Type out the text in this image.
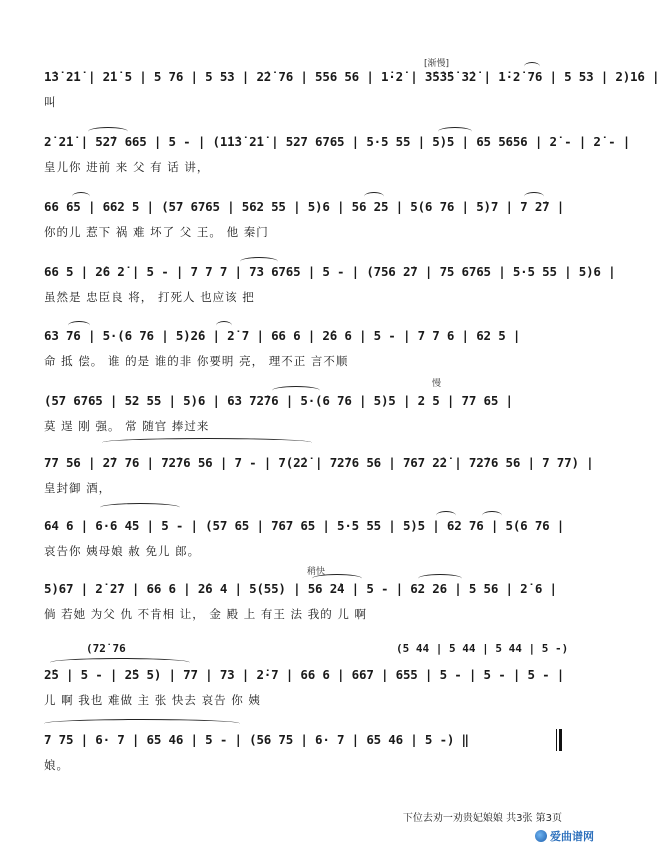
[渐慢]
稍快
慢
1̇3̇ 2̇1̇ | 2̇1̇ 5 | 5 76 | 5 53 | 2̇2̇ 76 | 556 56 | 1̇·2̇ | 3̇5̇3̇5̇ 3̇2̇ | 1̇·2̇ 76 | 5 53 | 2)1̇6 |
叫
2̇ 2̇1̇ | 52̇7 665 | 5 - | (1̇1̇3̇ 2̇1̇ | 527 6765 | 5·5 55 | 5)5 | 65 5656 | 2̇ - | 2̇ - |
皇儿你 进前 来 父 有 话 讲，
66 65 | 662 5 | (57 6765 | 562 55 | 5)6 | 56 25 | 5(6 76 | 5)7 | 7 2̇7 |
你的儿 惹下 祸 难 坏了 父 王。 他 秦门
66 5 | 2̇6 2̇ | 5 - | 7 7 7 | 73 6765 | 5 - | (756 2̇7 | 75 6765 | 5·5 55 | 5)6 |
虽然是 忠臣良 将， 打死人 也应该 把
63 76 | 5·(6 76 | 5)2̇6 | 2̇ 7 | 66 6 | 2̇6 6 | 5 - | 7 7 6 | 62 5 |
命 抵 偿。 谁 的是 谁的非 你要明 亮， 理不正 言不顺
(57 6765 | 52 55 | 5)6 | 63 72̇76 | 5·(6 76 | 5)5 | 2 5 | 77 65 |
莫 逞 刚 强。 常 随官 捧过来
77 56 | 2̇7 76 | 72̇76 56 | 7 - | 7(2̇2̇ | 72̇76 56 | 767 2̇2̇ | 72̇76 56 | 7 77) |
皇封御 酒，
64 6 | 6·6 45 | 5 - | (57 65 | 767 65 | 5·5 55 | 5)5 | 62 76 | 5(6 76 |
哀告你 姨母娘 赦 免儿 郎。
5)67 | 2̇ 2̇7 | 66 6 | 2̇6 4 | 5(55) | 56 2̇4 | 5 - | 62 26 | 5 56 | 2̇ 6 |
倘 若她 为父 仇 不肯相 让， 金 殿 上 有王 法 我的 儿 啊
(72̇ 76	(5 44 | 5 44 | 5 44 | 5 -)
2̇5 | 5 - | 2̇5 5) | 77 | 73 | 2̇·7 | 66 6 | 667 | 655 | 5 - | 5 - | 5 - |
儿 啊 我也 难做 主 张 快去 哀告 你 姨
7 75 | 6· 7 | 65 46 | 5 - | (56 75 | 6· 7 | 65 46 | 5 -) ‖
娘。
下位去劝一劝贵妃娘娘 共3张 第3页
爱曲谱网
